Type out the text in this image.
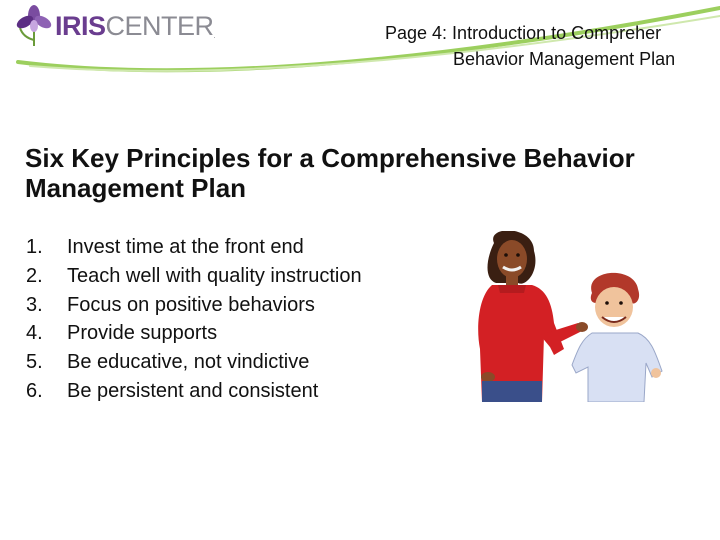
IRISCENTER.	Page 4: Introduction to Compreher
Behavior Management Plan
Six Key Principles for a Comprehensive Behavior Management Plan
1.	Invest time at the front end
2.	Teach well with quality instruction
3.	Focus on positive behaviors
4.	Provide supports
5.	Be educative, not vindictive
6.	Be persistent and consistent
